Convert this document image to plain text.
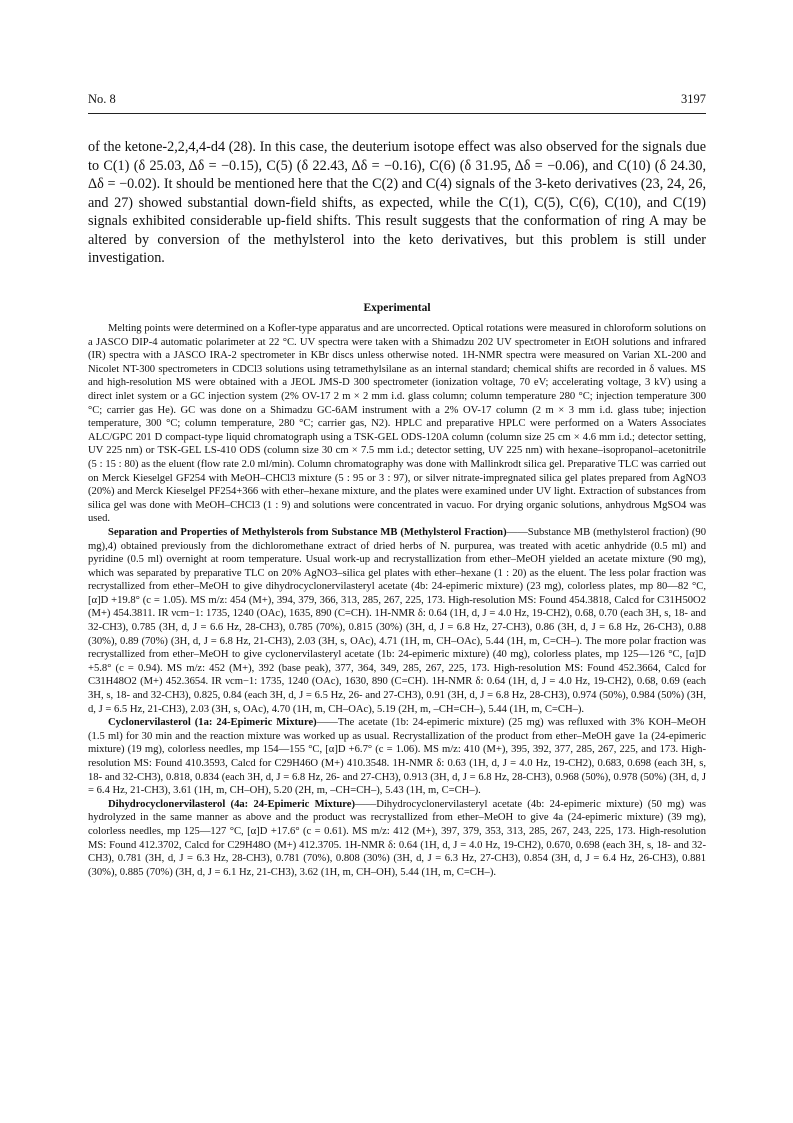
No. 8	3197

of the ketone-2,2,4,4-d4 (28). In this case, the deuterium isotope effect was also observed for the signals due to C(1) (δ 25.03, Δδ = −0.15), C(5) (δ 22.43, Δδ = −0.16), C(6) (δ 31.95, Δδ = −0.06), and C(10) (δ 24.30, Δδ = −0.02). It should be mentioned here that the C(2) and C(4) signals of the 3-keto derivatives (23, 24, 26, and 27) showed substantial down-field shifts, as expected, while the C(1), C(5), C(6), C(10), and C(19) signals exhibited considerable up-field shifts. This result suggests that the conformation of ring A may be altered by conversion of the methylsterol into the keto derivatives, but this problem is still under investigation.

Experimental

Melting points were determined on a Kofler-type apparatus and are uncorrected. Optical rotations were measured in chloroform solutions on a JASCO DIP-4 automatic polarimeter at 22 °C. UV spectra were taken with a Shimadzu 202 UV spectrometer in EtOH solutions and infrared (IR) spectra with a JASCO IRA-2 spectrometer in KBr discs unless otherwise noted. 1H-NMR spectra were measured on Varian XL-200 and Nicolet NT-300 spectrometers in CDCl3 solutions using tetramethylsilane as an internal standard; chemical shifts are recorded in δ values. MS and high-resolution MS were obtained with a JEOL JMS-D 300 spectrometer (ionization voltage, 70 eV; accelerating voltage, 3 kV) using a direct inlet system or a GC injection system (2% OV-17 2 m × 2 mm i.d. glass column; column temperature 280 °C; injection temperature 300 °C; carrier gas He). GC was done on a Shimadzu GC-6AM instrument with a 2% OV-17 column (2 m × 3 mm i.d. glass tube; injection temperature, 300 °C; column temperature, 280 °C; carrier gas, N2). HPLC and preparative HPLC were performed on a Waters Associates ALC/GPC 201 D compact-type liquid chromatograph using a TSK-GEL ODS-120A column (column size 25 cm × 4.6 mm i.d.; detector setting, UV 225 nm) or TSK-GEL LS-410 ODS (column size 30 cm × 7.5 mm i.d.; detector setting, UV 225 nm) with hexane–isopropanol–acetonitrile (5 : 15 : 80) as the eluent (flow rate 2.0 ml/min). Column chromatography was done with Mallinkrodt silica gel. Preparative TLC was carried out on Merck Kieselgel GF254 with MeOH–CHCl3 mixture (5 : 95 or 3 : 97), or silver nitrate-impregnated silica gel plates prepared from AgNO3 (20%) and Merck Kieselgel PF254+366 with ether–hexane mixture, and the plates were examined under UV light. Extraction of substances from silica gel was done with MeOH–CHCl3 (1 : 9) and solutions were concentrated in vacuo. For drying organic solutions, anhydrous MgSO4 was used.

Separation and Properties of Methylsterols from Substance MB (Methylsterol Fraction)——Substance MB (methylsterol fraction) (90 mg),4) obtained previously from the dichloromethane extract of dried herbs of N. purpurea, was treated with acetic anhydride (0.5 ml) and pyridine (0.5 ml) overnight at room temperature. Usual work-up and recrystallization from ether–MeOH yielded an acetate mixture (90 mg), which was separated by preparative TLC on 20% AgNO3–silica gel plates with ether–hexane (1 : 20) as the eluent. The less polar fraction was recrystallized from ether–MeOH to give dihydrocyclonervilasteryl acetate (4b: 24-epimeric mixture) (23 mg), colorless plates, mp 80—82 °C, [α]D +19.8° (c = 1.05). MS m/z: 454 (M+), 394, 379, 366, 313, 285, 267, 225, 173. High-resolution MS: Found 454.3818, Calcd for C31H50O2 (M+) 454.3811. IR νcm−1: 1735, 1240 (OAc), 1635, 890 (C=CH). 1H-NMR δ: 0.64 (1H, d, J = 4.0 Hz, 19-CH2), 0.68, 0.70 (each 3H, s, 18- and 32-CH3), 0.785 (3H, d, J = 6.6 Hz, 28-CH3), 0.785 (70%), 0.815 (30%) (3H, d, J = 6.8 Hz, 27-CH3), 0.86 (3H, d, J = 6.8 Hz, 26-CH3), 0.88 (30%), 0.89 (70%) (3H, d, J = 6.8 Hz, 21-CH3), 2.03 (3H, s, OAc), 4.71 (1H, m, CH–OAc), 5.44 (1H, m, C=CH–). The more polar fraction was recrystallized from ether–MeOH to give cyclonervilasteryl acetate (1b: 24-epimeric mixture) (40 mg), colorless plates, mp 125—126 °C, [α]D +5.8° (c = 0.94). MS m/z: 452 (M+), 392 (base peak), 377, 364, 349, 285, 267, 225, 173. High-resolution MS: Found 452.3664, Calcd for C31H48O2 (M+) 452.3654. IR νcm−1: 1735, 1240 (OAc), 1630, 890 (C=CH). 1H-NMR δ: 0.64 (1H, d, J = 4.0 Hz, 19-CH2), 0.68, 0.69 (each 3H, s, 18- and 32-CH3), 0.825, 0.84 (each 3H, d, J = 6.5 Hz, 26- and 27-CH3), 0.91 (3H, d, J = 6.8 Hz, 28-CH3), 0.974 (50%), 0.984 (50%) (3H, d, J = 6.5 Hz, 21-CH3), 2.03 (3H, s, OAc), 4.70 (1H, m, CH–OAc), 5.19 (2H, m, –CH=CH–), 5.44 (1H, m, C=CH–).

Cyclonervilasterol (1a: 24-Epimeric Mixture)——The acetate (1b: 24-epimeric mixture) (25 mg) was refluxed with 3% KOH–MeOH (1.5 ml) for 30 min and the reaction mixture was worked up as usual. Recrystallization of the product from ether–MeOH gave 1a (24-epimeric mixture) (19 mg), colorless needles, mp 154—155 °C, [α]D +6.7° (c = 1.06). MS m/z: 410 (M+), 395, 392, 377, 285, 267, 225, and 173. High-resolution MS: Found 410.3593, Calcd for C29H46O (M+) 410.3548. 1H-NMR δ: 0.63 (1H, d, J = 4.0 Hz, 19-CH2), 0.683, 0.698 (each 3H, s, 18- and 32-CH3), 0.818, 0.834 (each 3H, d, J = 6.8 Hz, 26- and 27-CH3), 0.913 (3H, d, J = 6.8 Hz, 28-CH3), 0.968 (50%), 0.978 (50%) (3H, d, J = 6.4 Hz, 21-CH3), 3.61 (1H, m, CH–OH), 5.20 (2H, m, –CH=CH–), 5.43 (1H, m, C=CH–).

Dihydrocyclonervilasterol (4a: 24-Epimeric Mixture)——Dihydrocyclonervilasteryl acetate (4b: 24-epimeric mixture) (50 mg) was hydrolyzed in the same manner as above and the product was recrystallized from ether–MeOH to give 4a (24-epimeric mixture) (39 mg), colorless needles, mp 125—127 °C, [α]D +17.6° (c = 0.61). MS m/z: 412 (M+), 397, 379, 353, 313, 285, 267, 243, 225, 173. High-resolution MS: Found 412.3702, Calcd for C29H48O (M+) 412.3705. 1H-NMR δ: 0.64 (1H, d, J = 4.0 Hz, 19-CH2), 0.670, 0.698 (each 3H, s, 18- and 32-CH3), 0.781 (3H, d, J = 6.3 Hz, 28-CH3), 0.781 (70%), 0.808 (30%) (3H, d, J = 6.3 Hz, 27-CH3), 0.854 (3H, d, J = 6.4 Hz, 26-CH3), 0.881 (30%), 0.885 (70%) (3H, d, J = 6.1 Hz, 21-CH3), 3.62 (1H, m, CH–OH), 5.44 (1H, m, C=CH–).
